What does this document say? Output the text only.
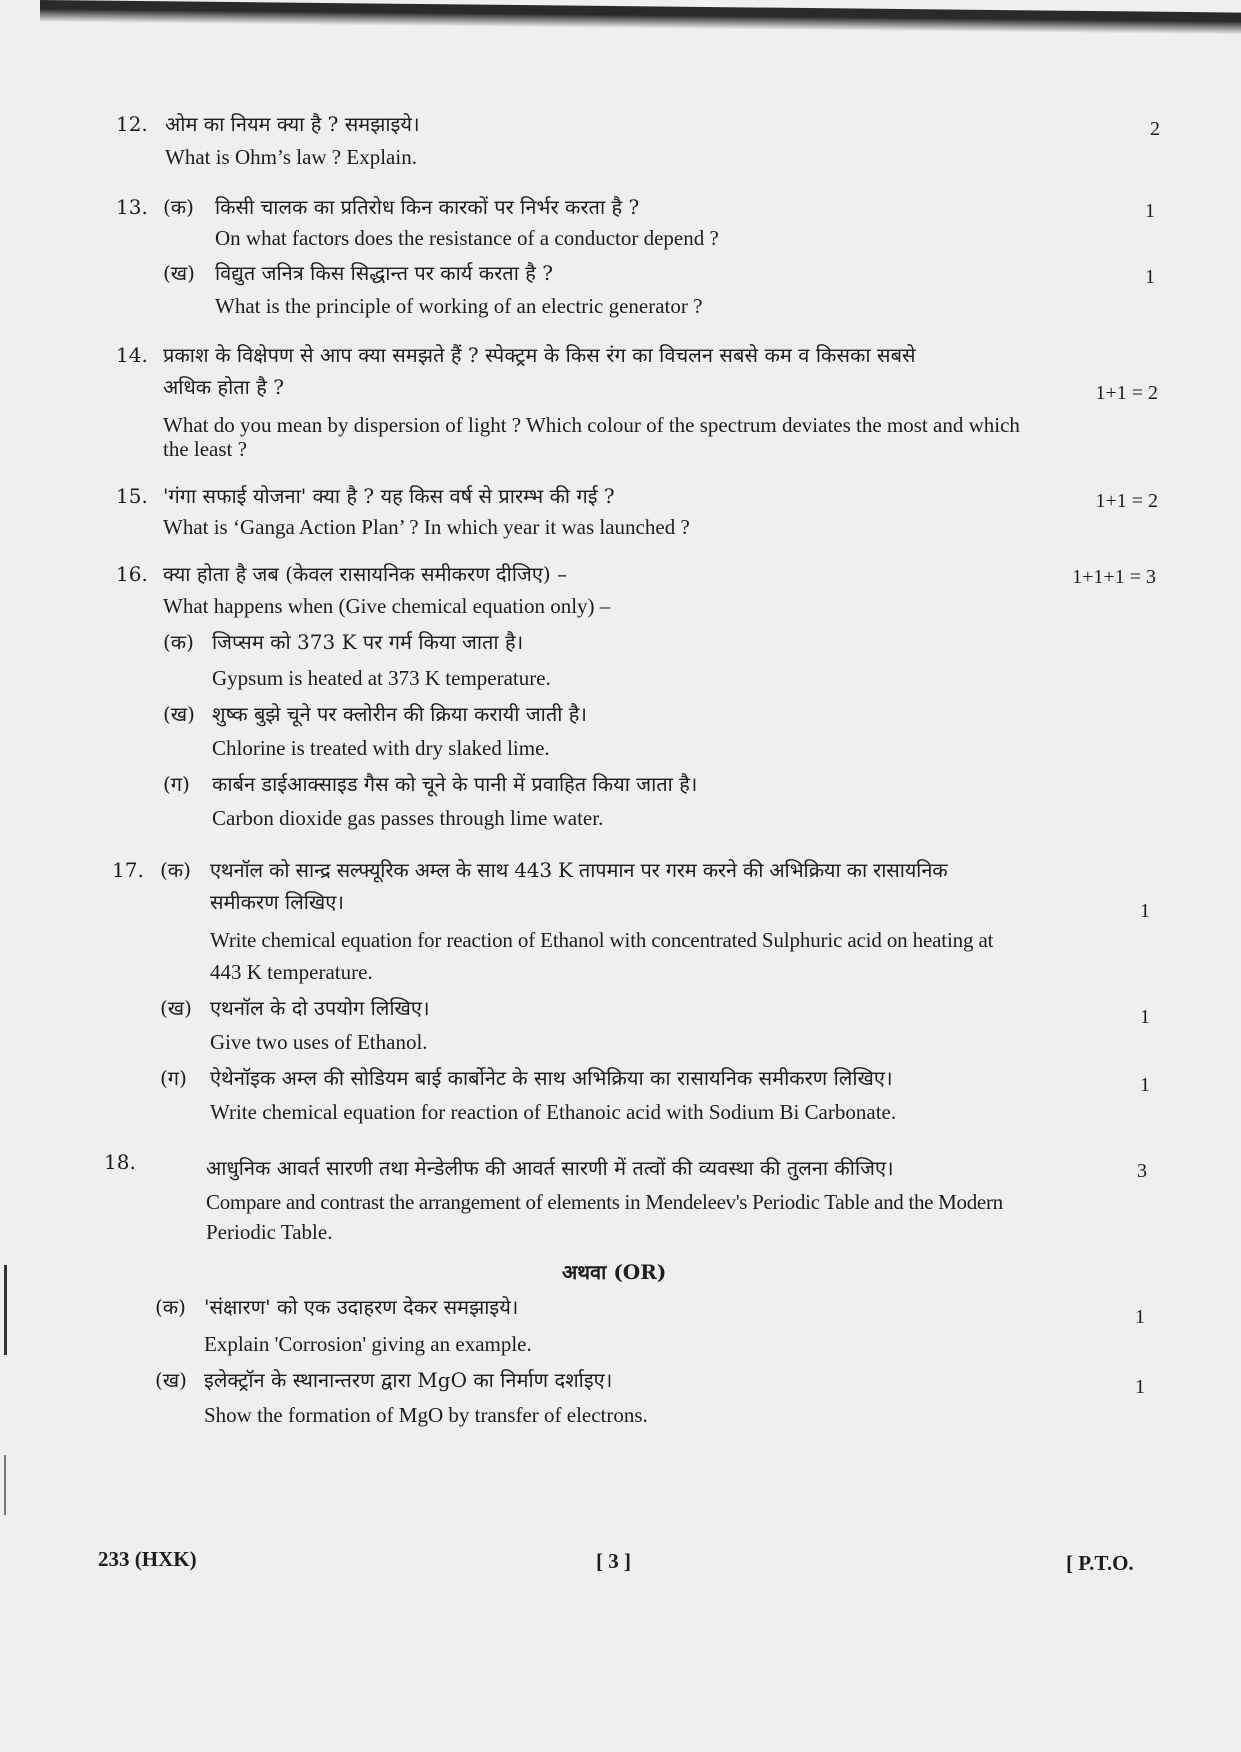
12. ओम का नियम क्या है ? समझाइये।
What is Ohm’s law ? Explain.
2
13. (क) किसी चालक का प्रतिरोध किन कारकों पर निर्भर करता है ?
On what factors does the resistance of a conductor depend ?
1
(ख) विद्युत जनित्र किस सिद्धान्त पर कार्य करता है ?
What is the principle of working of an electric generator ?
1
14. प्रकाश के विक्षेपण से आप क्या समझते हैं ? स्पेक्ट्रम के किस रंग का विचलन सबसे कम व किसका सबसे
अधिक होता है ?	1+1 = 2
What do you mean by dispersion of light ? Which colour of the spectrum deviates the most and which
the least ?
15. 'गंगा सफाई योजना' क्या है ? यह किस वर्ष से प्रारम्भ की गई ?
What is ‘Ganga Action Plan’ ? In which year it was launched ?
1+1 = 2
16. क्या होता है जब (केवल रासायनिक समीकरण दीजिए) –	1+1+1 = 3
What happens when (Give chemical equation only) –
(क) जिप्सम को 373 K पर गर्म किया जाता है।
Gypsum is heated at 373 K temperature.
(ख) शुष्क बुझे चूने पर क्लोरीन की क्रिया करायी जाती है।
Chlorine is treated with dry slaked lime.
(ग) कार्बन डाईआक्साइड गैस को चूने के पानी में प्रवाहित किया जाता है।
Carbon dioxide gas passes through lime water.
17. (क) एथनॉल को सान्द्र सल्फ्यूरिक अम्ल के साथ 443 K तापमान पर गरम करने की अभिक्रिया का रासायनिक
समीकरण लिखिए।	1
Write chemical equation for reaction of Ethanol with concentrated Sulphuric acid on heating at
443 K temperature.
(ख) एथनॉल के दो उपयोग लिखिए।	1
Give two uses of Ethanol.
(ग) ऐथेनॉइक अम्ल की सोडियम बाई कार्बोनेट के साथ अभिक्रिया का रासायनिक समीकरण लिखिए।	1
Write chemical equation for reaction of Ethanoic acid with Sodium Bi Carbonate.
18.	आधुनिक आवर्त सारणी तथा मेन्डेलीफ की आवर्त सारणी में तत्वों की व्यवस्था की तुलना कीजिए।	3
Compare and contrast the arrangement of elements in Mendeleev's Periodic Table and the Modern
Periodic Table.
अथवा (OR)
(क) 'संक्षारण' को एक उदाहरण देकर समझाइये।	1
Explain 'Corrosion' giving an example.
(ख) इलेक्ट्रॉन के स्थानान्तरण द्वारा MgO का निर्माण दर्शाइए।	1
Show the formation of MgO by transfer of electrons.
233 (HXK)	[ 3 ]	[ P.T.O.
